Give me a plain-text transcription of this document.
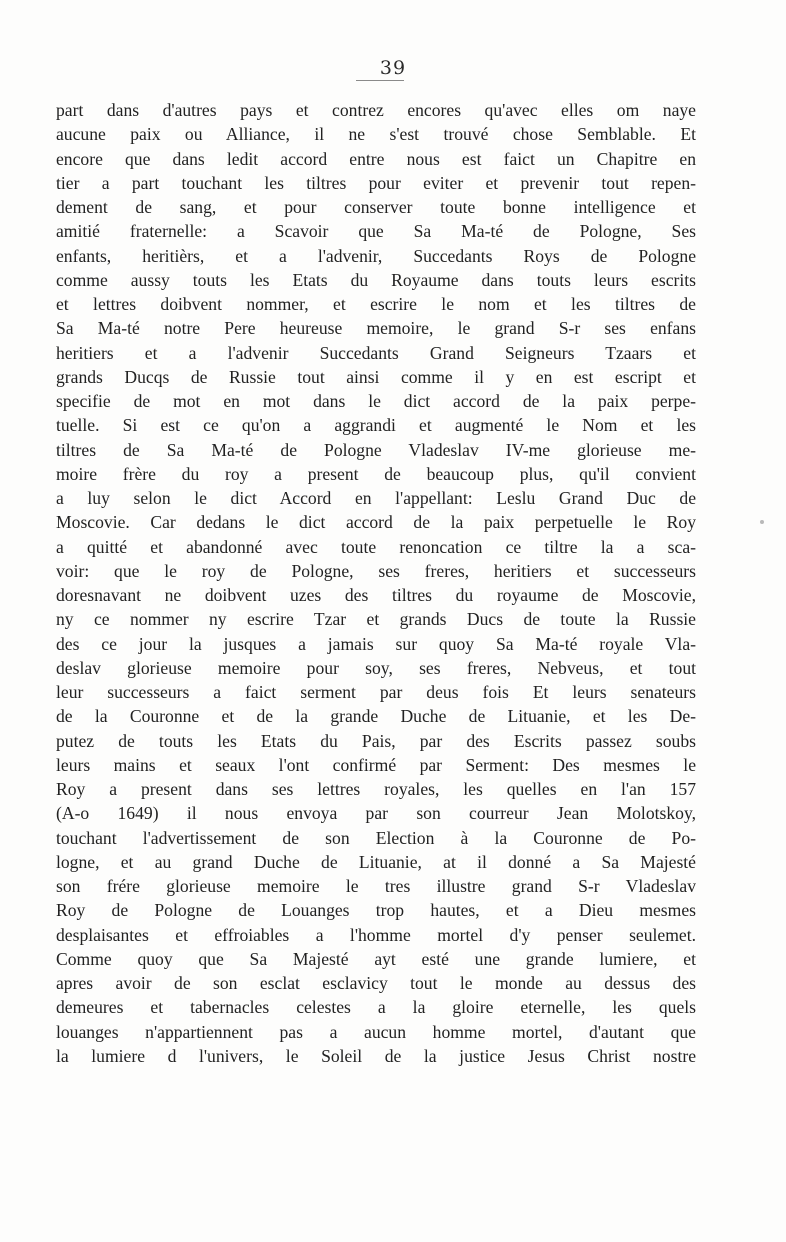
39
part dans d'autres pays et contrez encores qu'avec elles om naye
aucune paix ou Alliance, il ne s'est trouvé chose Semblable. Et
encore que dans ledit accord entre nous est faict un Chapitre en
tier a part touchant les tiltres pour eviter et prevenir tout repen-
dement de sang, et pour conserver toute bonne intelligence et
amitié fraternelle: a Scavoir que Sa Ma-té de Pologne, Ses
enfants, heritièrs, et a l'advenir, Succedants Roys de Pologne
comme aussy touts les Etats du Royaume dans touts leurs escrits
et lettres doibvent nommer, et escrire le nom et les tiltres de
Sa Ma-té notre Pere heureuse memoire, le grand S-r ses enfans
heritiers et a l'advenir Succedants Grand Seigneurs Tzaars et
grands Ducqs de Russie tout ainsi comme il y en est escript et
specifie de mot en mot dans le dict accord de la paix perpe-
tuelle. Si est ce qu'on a aggrandi et augmenté le Nom et les
tiltres de Sa Ma-té de Pologne Vladeslav IV-me glorieuse me-
moire frère du roy a present de beaucoup plus, qu'il convient
a luy selon le dict Accord en l'appellant: Leslu Grand Duc de
Moscovie. Car dedans le dict accord de la paix perpetuelle le Roy
a quitté et abandonné avec toute renoncation ce tiltre la a sca-
voir: que le roy de Pologne, ses freres, heritiers et successeurs
doresnavant ne doibvent uzes des tiltres du royaume de Moscovie,
ny ce nommer ny escrire Tzar et grands Ducs de toute la Russie
des ce jour la jusques a jamais sur quoy Sa Ma-té royale Vla-
deslav glorieuse memoire pour soy, ses freres, Nebveus, et tout
leur successeurs a faict serment par deus fois Et leurs senateurs
de la Couronne et de la grande Duche de Lituanie, et les De-
putez de touts les Etats du Pais, par des Escrits passez soubs
leurs mains et seaux l'ont confirmé par Serment: Des mesmes le
Roy a present dans ses lettres royales, les quelles en l'an 157
(A-o 1649) il nous envoya par son courreur Jean Molotskoy,
touchant l'advertissement de son Election à la Couronne de Po-
logne, et au grand Duche de Lituanie, at il donné a Sa Majesté
son frére glorieuse memoire le tres illustre grand S-r Vladeslav
Roy de Pologne de Louanges trop hautes, et a Dieu mesmes
desplaisantes et effroiables a l'homme mortel d'y penser seulemet.
Comme quoy que Sa Majesté ayt esté une grande lumiere, et
apres avoir de son esclat esclavicy tout le monde au dessus des
demeures et tabernacles celestes a la gloire eternelle, les quels
louanges n'appartiennent pas a aucun homme mortel, d'autant que
la lumiere d l'univers, le Soleil de la justice Jesus Christ nostre
